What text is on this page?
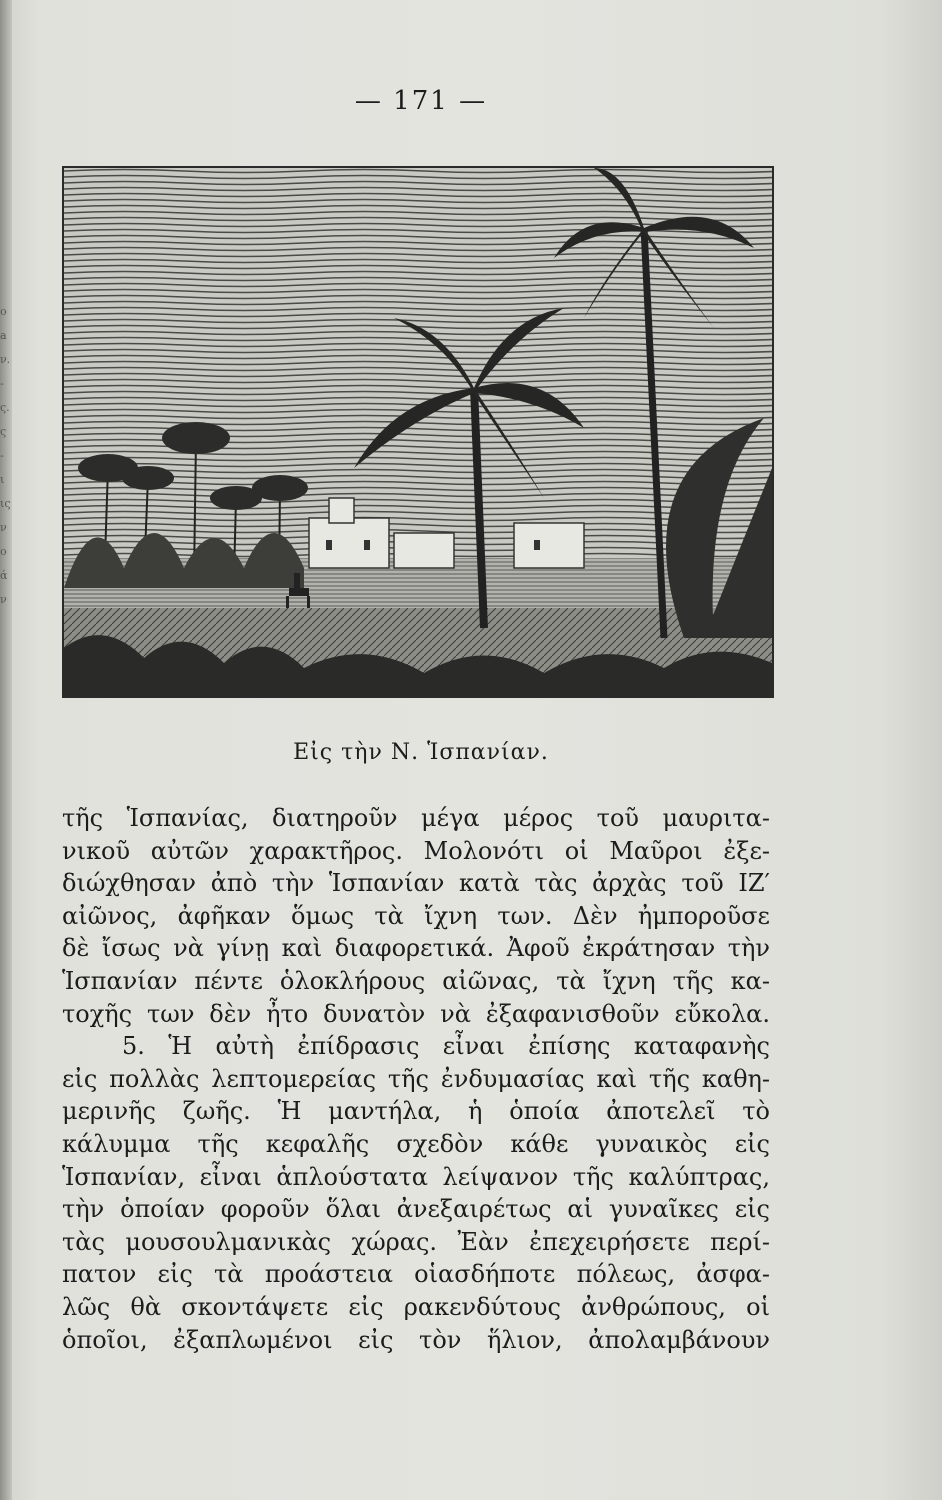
o
a
ν.
-
ς.
ς
-
ι
ις
ν
ο
ά
ν
— 171 —
Εἰς τὴν Ν. Ἱσπανίαν.
τῆς Ἱσπανίας, διατηροῦν μέγα μέρος τοῦ μαυριτα-
νικοῦ αὐτῶν χαρακτῆρος. Μολονότι οἱ Μαῦροι ἐξε-
διώχθησαν ἀπὸ τὴν Ἱσπανίαν κατὰ τὰς ἀρχὰς τοῦ ΙΖ′
αἰῶνος, ἀφῆκαν ὅμως τὰ ἴχνη των. Δὲν ἠμποροῦσε
δὲ ἴσως νὰ γίνῃ καὶ διαφορετικά. Ἀφοῦ ἐκράτησαν τὴν
Ἱσπανίαν πέντε ὁλοκλήρους αἰῶνας, τὰ ἴχνη τῆς κα-
τοχῆς των δὲν ἦτο δυνατὸν νὰ ἐξαφανισθοῦν εὔκολα.
5. Ἡ αὐτὴ ἐπίδρασις εἶναι ἐπίσης καταφανὴς
εἰς πολλὰς λεπτομερείας τῆς ἐνδυμασίας καὶ τῆς καθη-
μερινῆς ζωῆς. Ἡ μαντήλα, ἡ ὁποία ἀποτελεῖ τὸ
κάλυμμα τῆς κεφαλῆς σχεδὸν κάθε γυναικὸς εἰς
Ἱσπανίαν, εἶναι ἁπλούστατα λείψανον τῆς καλύπτρας,
τὴν ὁποίαν φοροῦν ὅλαι ἀνεξαιρέτως αἱ γυναῖκες εἰς
τὰς μουσουλμανικὰς χώρας. Ἐὰν ἐπεχειρήσετε περί-
πατον εἰς τὰ προάστεια οἱασδήποτε πόλεως, ἀσφα-
λῶς θὰ σκοντάψετε εἰς ρακενδύτους ἀνθρώπους, οἱ
ὁποῖοι, ἐξαπλωμένοι εἰς τὸν ἥλιον, ἀπολαμβάνουν
